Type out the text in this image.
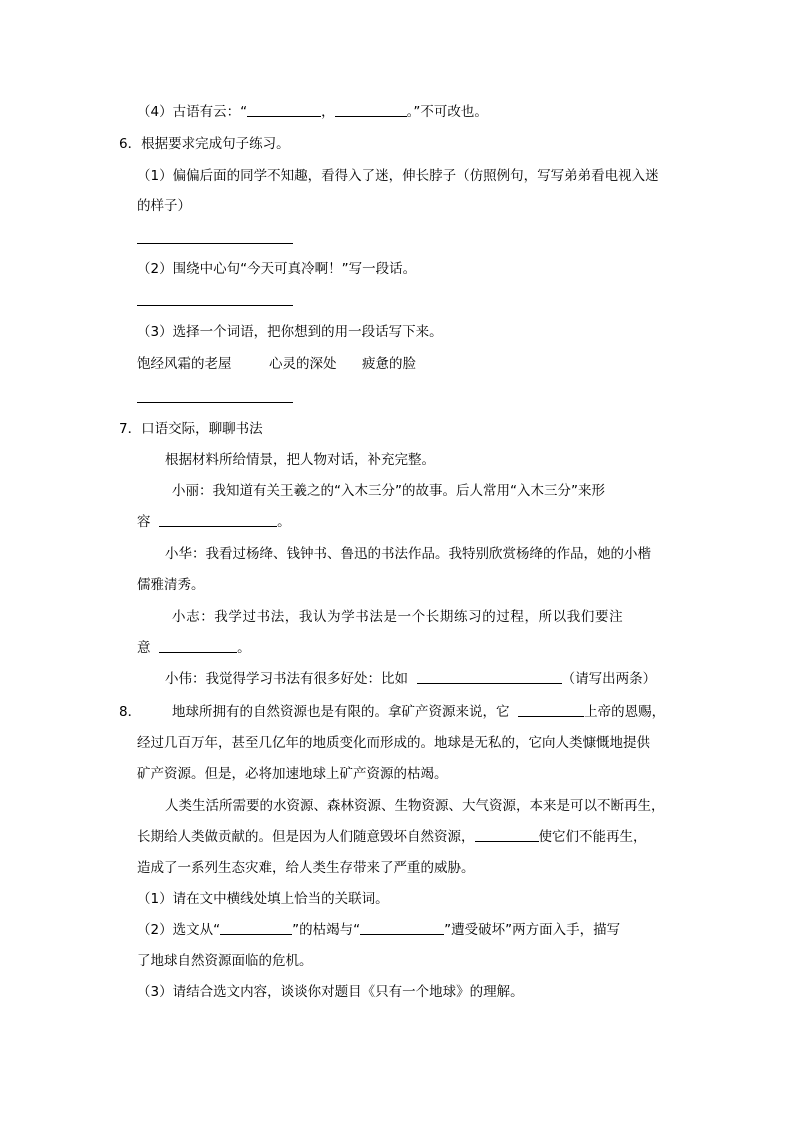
（4）古语有云：“	，	。”不可改也。
6．根据要求完成句子练习。
（1）偏偏后面的同学不知趣，看得入了迷，伸长脖子（仿照例句，写写弟弟看电视入迷
的样子）
（2）围绕中心句“今天可真冷啊！”写一段话。
（3）选择一个词语，把你想到的用一段话写下来。
饱经风霜的老屋	心灵的深处 疲惫的脸
7．口语交际，聊聊书法
根据材料所给情景，把人物对话，补充完整。
小丽：我知道有关王羲之的“入木三分”的故事。后人常用“入木三分”来形
容	。
小华：我看过杨绛、钱钟书、鲁迅的书法作品。我特别欣赏杨绛的作品，她的小楷
儒雅清秀。
小志：我学过书法，我认为学书法是一个长期练习的过程，所以我们要注
意	。
小伟：我觉得学习书法有很多好处：比如	（请写出两条）
8． 地球所拥有的自然资源也是有限的。拿矿产资源来说，它	上帝的恩赐，
经过几百万年，甚至几亿年的地质变化而形成的。地球是无私的，它向人类慷慨地提供
矿产资源。但是，必将加速地球上矿产资源的枯竭。
人类生活所需要的水资源、森林资源、生物资源、大气资源，本来是可以不断再生，
长期给人类做贡献的。但是因为人们随意毁坏自然资源，	使它们不能再生，
造成了一系列生态灾难，给人类生存带来了严重的威胁。
（1）请在文中横线处填上恰当的关联词。
（2）选文从“	”的枯竭与“	”遭受破坏”两方面入手，描写
了地球自然资源面临的危机。
（3）请结合选文内容，谈谈你对题目《只有一个地球》的理解。
